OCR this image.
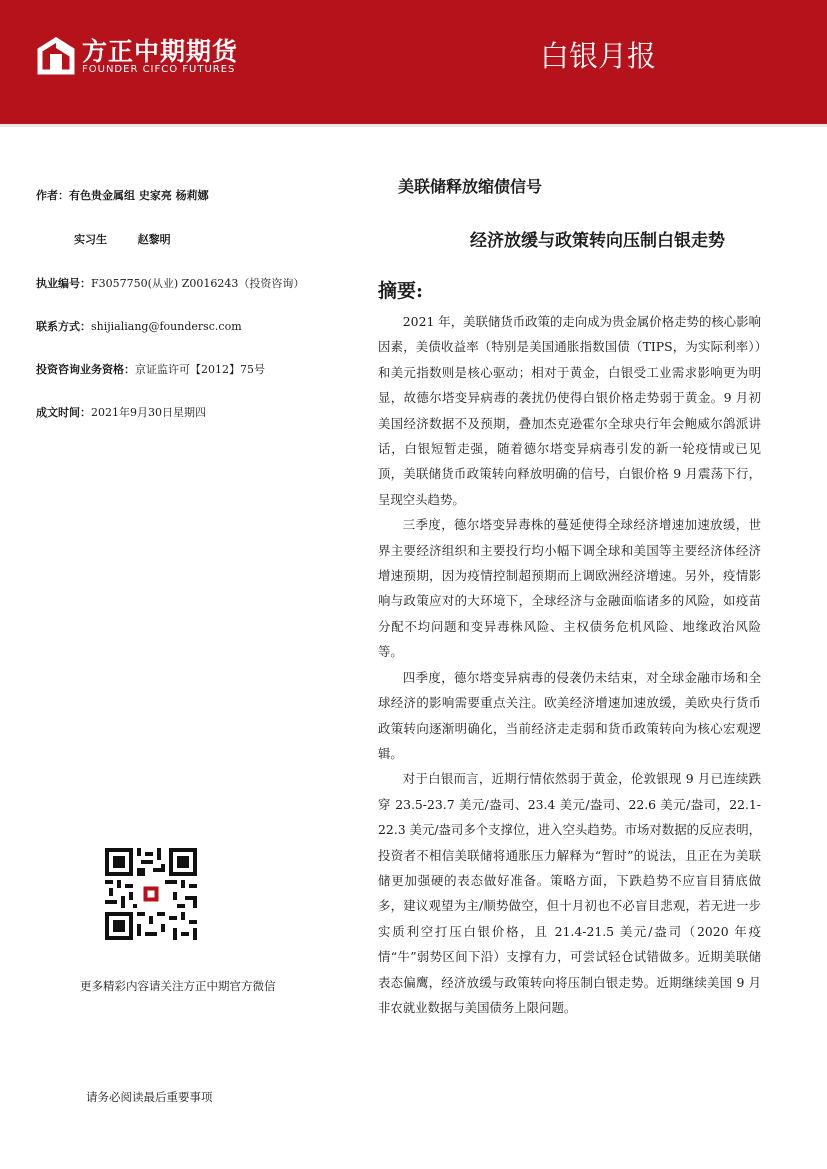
方正中期期货
FOUNDER CIFCO FUTURES	白银月报
作者：有色贵金属组 史家亮 杨莉娜
实习生	赵黎明
执业编号：F3057750(从业) Z0016243（投资咨询）
联系方式：shijialiang@foundersc.com
投资咨询业务资格：京证监许可【2012】75号
成文时间：2021年9月30日星期四
美联储释放缩债信号
经济放缓与政策转向压制白银走势
摘要:

2021 年，美联储货币政策的走向成为贵金属价格走势的核心影响因素，美债收益率（特别是美国通胀指数国债（TIPS，为实际利率））和美元指数则是核心驱动；相对于黄金，白银受工业需求影响更为明显，故德尔塔变异病毒的袭扰仍使得白银价格走势弱于黄金。9 月初美国经济数据不及预期，叠加杰克逊霍尔全球央行年会鲍威尔鸽派讲话，白银短暂走强，随着德尔塔变异病毒引发的新一轮疫情或已见顶，美联储货币政策转向释放明确的信号，白银价格 9 月震荡下行，呈现空头趋势。

三季度，德尔塔变异毒株的蔓延使得全球经济增速加速放缓，世界主要经济组织和主要投行均小幅下调全球和美国等主要经济体经济增速预期，因为疫情控制超预期而上调欧洲经济增速。另外，疫情影响与政策应对的大环境下，全球经济与金融面临诸多的风险，如疫苗分配不均问题和变异毒株风险、主权债务危机风险、地缘政治风险等。

四季度，德尔塔变异病毒的侵袭仍未结束，对全球金融市场和全球经济的影响需要重点关注。欧美经济增速加速放缓，美欧央行货币政策转向逐渐明确化，当前经济走走弱和货币政策转向为核心宏观逻辑。

对于白银而言，近期行情依然弱于黄金，伦敦银现 9 月已连续跌穿 23.5-23.7 美元/盎司、23.4 美元/盎司、22.6 美元/盎司，22.1-22.3 美元/盎司多个支撑位，进入空头趋势。市场对数据的反应表明，投资者不相信美联储将通胀压力解释为“暂时”的说法，且正在为美联储更加强硬的表态做好准备。策略方面，下跌趋势不应盲目猜底做多，建议观望为主/顺势做空，但十月初也不必盲目悲观，若无进一步实质利空打压白银价格，且 21.4-21.5 美元/盎司（2020 年疫情“牛”弱势区间下沿）支撑有力，可尝试轻仓试错做多。近期美联储表态偏鹰，经济放缓与政策转向将压制白银走势。近期继续美国 9 月非农就业数据与美国债务上限问题。

更多精彩内容请关注方正中期官方微信
请务必阅读最后重要事项
